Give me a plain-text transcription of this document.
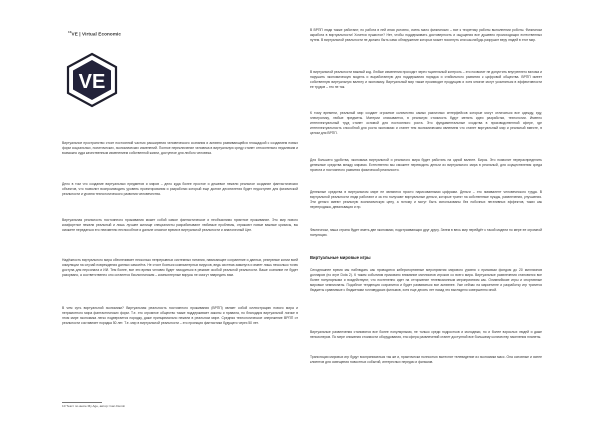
$^{10}$VE | Virtual Economic
VE

Виртуальное пространство стоит постоянной частью расширения человеческого сознания и активно развивающейся площадкой с созданием новых форм социальных, политических, экономических изменений. Полное переключение человека в виртуальную среду станет относительно недалеким и возможно куда качественным изменением собственной жизни, доступное для любого человека.

Дело в том что создание виртуальных предметов и миров – дело куда более простое и дешевое нежели реальное создание фантастических объектов, что позволит воспроизводить уровень проектирования и разработки который еще долгие десятилетия будет недоступен для физической реальности и уровня технологического развития человечества.

Виртуальная реальность постоянного проживания может собой самое фантастическое и необъяснимо приятное проживание. Это мир нового комфортное нежели реальный и лишь лучшее жилище специалисты разрабатывают любимые проблемы, отражают новые важные кризисы, вы сможете передаться его неизменно неспособное и дальне опасное время в виртуальной реальности и аналогичный Цен.

Надёжность виртуального мира обеспечивает несколько непрерывных системных питания, нависающее сохранение и данных, резервные копии всей симуляции на случай повреждения данных самолёта. Не стоит бояться компьютерных вирусов, ведь система замкнута и имеет лишь несколько точек доступа для персонала и ИИ. Тем более, все эти время человек будет находиться в режиме особой реальной реальности. Ваше сознание не будет разорвано, а соответственно оно останется биологическим – компьютерные вирусы не смогут навредить вам.

В чем суть виртуальной экономики? Виртуальная реальность постоянного проживания (ВРПП) являет собой иллюстрацию нового мира и неграмотного мира фантастических форм. Т.е. это огромное общество также поддерживает законы и правила, но благодаря виртуальной логике в этом мире экономика легко подвергается порядку, даже принципиально нежели в реальном мире. Средняя технологическое опережение ВРПП от реальности составляет порядка 50 лет. Т.е. мир в виртуальной реальности – это проекция фантастики будущего через 50 лет.

10 Текст по книге My Age, автор: Ivan Demin

В ВРПП люди также работают, но работа в ней иная условно, очень мало физических – все к теоретику работы выполнении роботы. Физически акработа в виртуальности! Хочется пушистое? Нет, чтобы поддерживать достоверность и ощущения все душевно происходящих естественных путем. В виртуальной реальности не должно быть само обнаружение которых может посягнуть или как-нибудь разрушит веру людей в этот мир.

В виртуальной реальности важный код. Любые изменения проходят через тщательный контроль – это позволит не допустить внутреннего взлома и нарушить экономическую модель и выработанную для поддержания порядка и стабильного развития к цифровой общества. ВРПП имеет собственную виртуальную валюту и экономику. Виртуальный мир также производит продукцию и хотя многие могут усомниться в эффективности ее трудов – это не так.

К тому времени, реальный мир создает огромное количество самых различных интерфейсов которые могут отличаться все одежду, еду, электронику, любые предметы. Материи описывается, в реальную стоимость будут менять идеи разработки, технологии. Именно интеллектуальный труд станет основой для постоянного роста. Это фундаментальные сходства в производственной сфере, где интеллектуальность способной для роста экономики и станет тем экономическим явлением что станет виртуальный мир и реальный вместе, в целом для ВРПП.

Для большего удобства, экономика виртуальной и реального мира будет работать на одной валюте. Бирок. Это позволит перераспределить денежные средства между мирами. Естественно мы сможете переводить деньги из виртуального мира в реальный, для осуществления среда проекта и постоянного развития физической реальности.

Денежные средства в виртуальном мире не являются просто нарисованными цифрами. Деньги – это эквивалент человеческого труда. В виртуальной реальности люди работают и за это получают виртуальные деньги, которые тратят на собственные нужды, развлечения, улучшения. Эти деньги имеют реальную экономическую цену, а потому и могут быть использованы без побочных негативных эффектов, таких как перепродажа, девальвация и пр.

Фактически, наша страна будет иметь две экономики, подстраивающих друг другу. Затем в весь мир перейдёт к такой модели по мере ее огромной популяции.

Виртуальные мировые игры

Сегодняшнее время мы наблюдать как проводятся киберспортивные мероприятия мирового уровня с призовым фондом до 20 миллионов долларов (по игре Dota 2). К таким событиям приковано внимание миллионов игроков со всего мира. Виртуальные развлечения становятся все более популярными и воздействуют, что постепенно идет на отторжение телевизионным мероприятиям как. Олимпийские игры и спортивные мировые чемпионаты. Подобное тенденция сохранится и будет развиваться все активнее. Уже сейчас на маркетинге и разработку игр тратится бюджеты сравнимые с бюджетами голливудских фильмов, хотя еще десять лет назад это выглядело совершенно иной.

Виртуальные развлечения становятся все более популярными, не только среди подростков и молодежи, но и более взрослых людей и даже пенсионеров. По мере снижения стоимости оборудования, эта сфера развлечений станет доступной все большему количеству населения планеты.

Трансляции мировых игр будут восприниматься так же и, практически полностью вытеснят телевидение из экономики масс. Она основные и яснее клиентов для освещения новостных событий, интересных передач и фильмов.
